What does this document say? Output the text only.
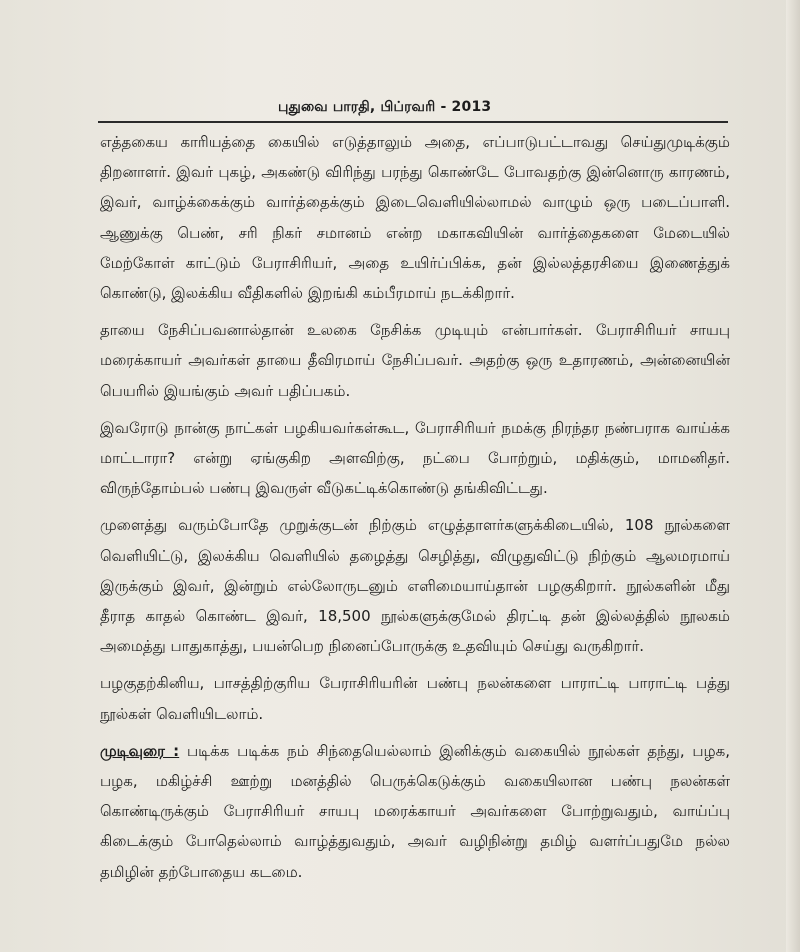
புதுவை பாரதி, பிப்ரவரி - 2013

எத்தகைய காரியத்தை கையில் எடுத்தாலும் அதை, எப்பாடுபட்டாவது செய்துமுடிக்கும் திறனாளர். இவர் புகழ், அகண்டு விரிந்து பரந்து கொண்டே போவதற்கு இன்னொரு காரணம், இவர், வாழ்க்கைக்கும் வார்த்தைக்கும் இடைவெளியில்லாமல் வாழும் ஒரு படைப்பாளி. ஆணுக்கு பெண், சரி நிகர் சமானம் என்ற மகாகவியின் வார்த்தைகளை மேடையில் மேற்கோள் காட்டும் பேராசிரியர், அதை உயிர்ப்பிக்க, தன் இல்லத்தரசியை இணைத்துக் கொண்டு, இலக்கிய வீதிகளில் இறங்கி கம்பீரமாய் நடக்கிறார்.

தாயை நேசிப்பவனால்தான் உலகை நேசிக்க முடியும் என்பார்கள். பேராசிரியர் சாயபு மரைக்காயர் அவர்கள் தாயை தீவிரமாய் நேசிப்பவர். அதற்கு ஒரு உதாரணம், அன்னையின் பெயரில் இயங்கும் அவர் பதிப்பகம்.

இவரோடு நான்கு நாட்கள் பழகியவர்கள்கூட, பேராசிரியர் நமக்கு நிரந்தர நண்பராக வாய்க்க மாட்டாரா? என்று ஏங்குகிற அளவிற்கு, நட்பை போற்றும், மதிக்கும், மாமனிதர். விருந்தோம்பல் பண்பு இவருள் வீடுகட்டிக்கொண்டு தங்கிவிட்டது.

முளைத்து வரும்போதே முறுக்குடன் நிற்கும் எழுத்தாளர்களுக்கிடையில், 108 நூல்களை வெளியிட்டு, இலக்கிய வெளியில் தழைத்து செழித்து, விழுதுவிட்டு நிற்கும் ஆலமரமாய் இருக்கும் இவர், இன்றும் எல்லோருடனும் எளிமையாய்தான் பழகுகிறார். நூல்களின் மீது தீராத காதல் கொண்ட இவர், 18,500 நூல்களுக்குமேல் திரட்டி தன் இல்லத்தில் நூலகம் அமைத்து பாதுகாத்து, பயன்பெற நினைப்போருக்கு உதவியும் செய்து வருகிறார்.

பழகுதற்கினிய, பாசத்திற்குரிய பேராசிரியரின் பண்பு நலன்களை பாராட்டி பாராட்டி பத்து நூல்கள் வெளியிடலாம்.

முடிவுரை : படிக்க படிக்க நம் சிந்தையெல்லாம் இனிக்கும் வகையில் நூல்கள் தந்து, பழக, பழக, மகிழ்ச்சி ஊற்று மனத்தில் பெருக்கெடுக்கும் வகையிலான பண்பு நலன்கள் கொண்டிருக்கும் பேராசிரியர் சாயபு மரைக்காயர் அவர்களை போற்றுவதும், வாய்ப்பு கிடைக்கும் போதெல்லாம் வாழ்த்துவதும், அவர் வழிநின்று தமிழ் வளர்ப்பதுமே நல்ல தமிழின் தற்போதைய கடமை.
